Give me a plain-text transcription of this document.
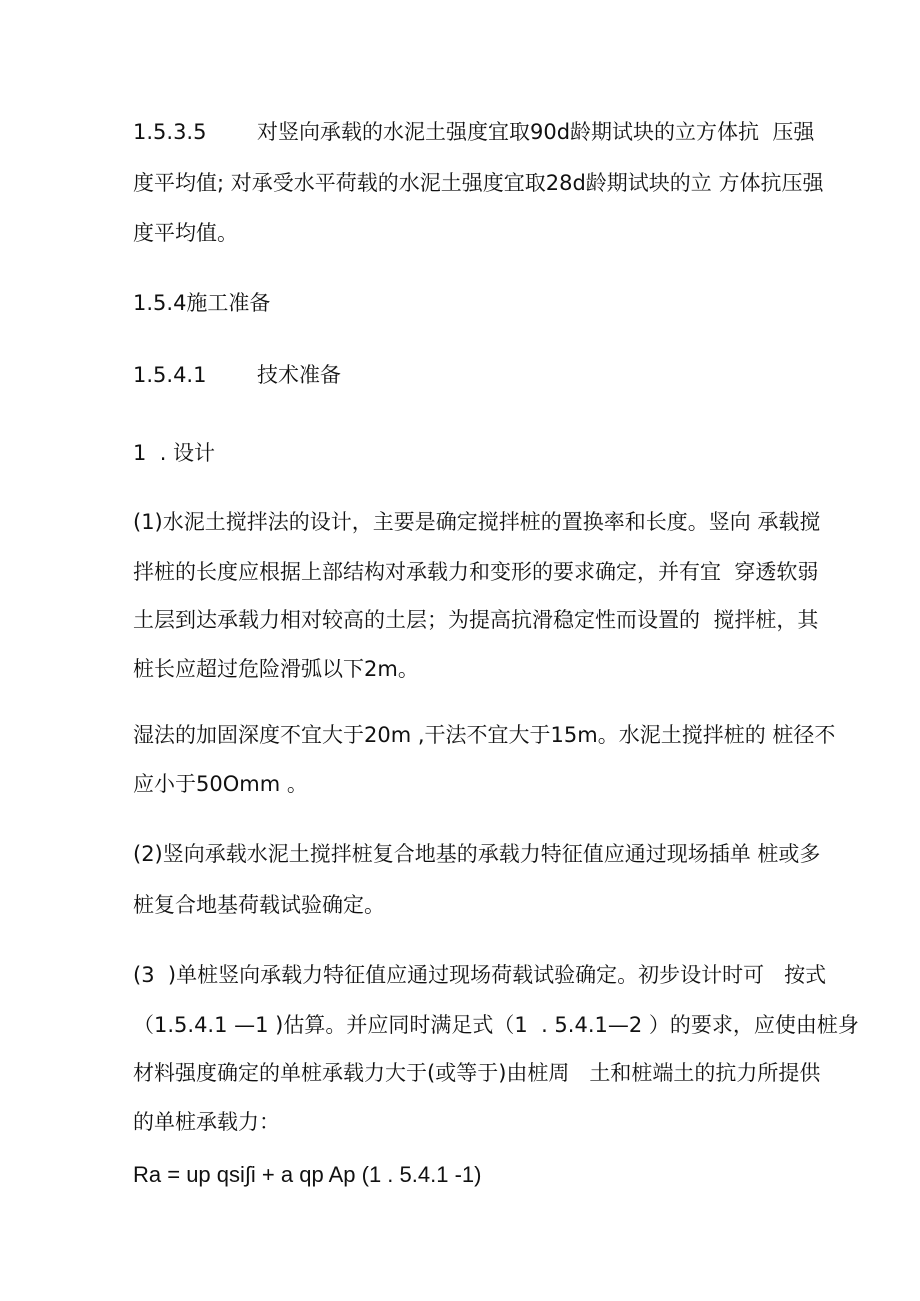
1.5.3.5 对竖向承载的水泥土强度宜取90d龄期试块的立方体抗  压强
度平均值; 对承受水平荷载的水泥土强度宜取28d龄期试块的立 方体抗压强
度平均值。
1.5.4施工准备
1.5.4.1 技术准备
1  . 设计
(1)水泥土搅拌法的设计，主要是确定搅拌桩的置换率和长度。竖向 承载搅
拌桩的长度应根据上部结构对承载力和变形的要求确定，并有宜  穿透软弱
土层到达承载力相对较高的土层；为提高抗滑稳定性而设置的  搅拌桩，其
桩长应超过危险滑弧以下2m。
湿法的加固深度不宜大于20m ,干法不宜大于15m。水泥土搅拌桩的 桩径不
应小于50Omm 。
(2)竖向承载水泥土搅拌桩复合地基的承载力特征值应通过现场插单 桩或多
桩复合地基荷载试验确定。
(3  )单桩竖向承载力特征值应通过现场荷载试验确定。初步设计时可   按式
（1.5.4.1 —1 )估算。并应同时满足式（1  . 5.4.1—2 ）的要求，应使由桩身
材料强度确定的单桩承载力大于(或等于)由桩周   土和桩端土的抗力所提供
的单桩承载力：
Ra = up qsi∫i + a qp Ap (1 . 5.4.1 -1)
